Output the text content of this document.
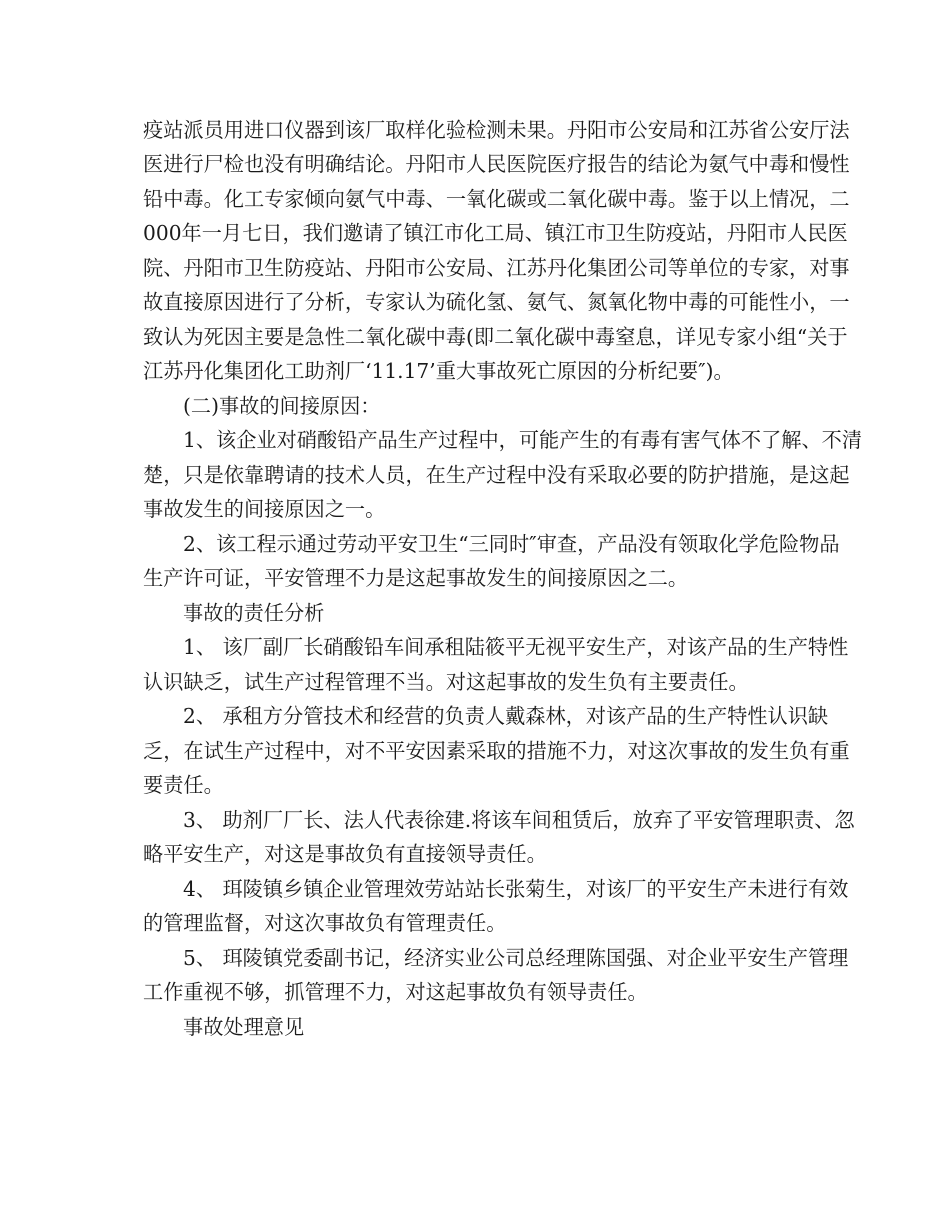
疫站派员用进口仪器到该厂取样化验检测未果。丹阳市公安局和江苏省公安厅法

医进行尸检也没有明确结论。丹阳市人民医院医疗报告的结论为氨气中毒和慢性

铅中毒。化工专家倾向氨气中毒、一氧化碳或二氧化碳中毒。鉴于以上情况，二

000年一月七日，我们邀请了镇江市化工局、镇江市卫生防疫站，丹阳市人民医

院、丹阳市卫生防疫站、丹阳市公安局、江苏丹化集团公司等单位的专家，对事

故直接原因进行了分析，专家认为硫化氢、氨气、氮氧化物中毒的可能性小，一

致认为死因主要是急性二氧化碳中毒(即二氧化碳中毒窒息，详见专家小组“关于

江苏丹化集团化工助剂厂‘11.17’重大事故死亡原因的分析纪要″)。

(二)事故的间接原因：

1、该企业对硝酸铅产品生产过程中，可能产生的有毒有害气体不了解、不清

楚，只是依靠聘请的技术人员，在生产过程中没有采取必要的防护措施，是这起

事故发生的间接原因之一。

2、该工程示通过劳动平安卫生“三同时″审查，产品没有领取化学危险物品

生产许可证，平安管理不力是这起事故发生的间接原因之二。

事故的责任分析

1、 该厂副厂长硝酸铅车间承租陆筱平无视平安生产，对该产品的生产特性

认识缺乏，试生产过程管理不当。对这起事故的发生负有主要责任。

2、 承租方分管技术和经营的负责人戴森林，对该产品的生产特性认识缺

乏，在试生产过程中，对不平安因素采取的措施不力，对这次事故的发生负有重

要责任。

3、 助剂厂厂长、法人代表徐建.将该车间租赁后，放弃了平安管理职责、忽

略平安生产，对这是事故负有直接领导责任。

4、 珥陵镇乡镇企业管理效劳站站长张菊生，对该厂的平安生产未进行有效

的管理监督，对这次事故负有管理责任。

5、 珥陵镇党委副书记，经济实业公司总经理陈国强、对企业平安生产管理

工作重视不够，抓管理不力，对这起事故负有领导责任。

事故处理意见
